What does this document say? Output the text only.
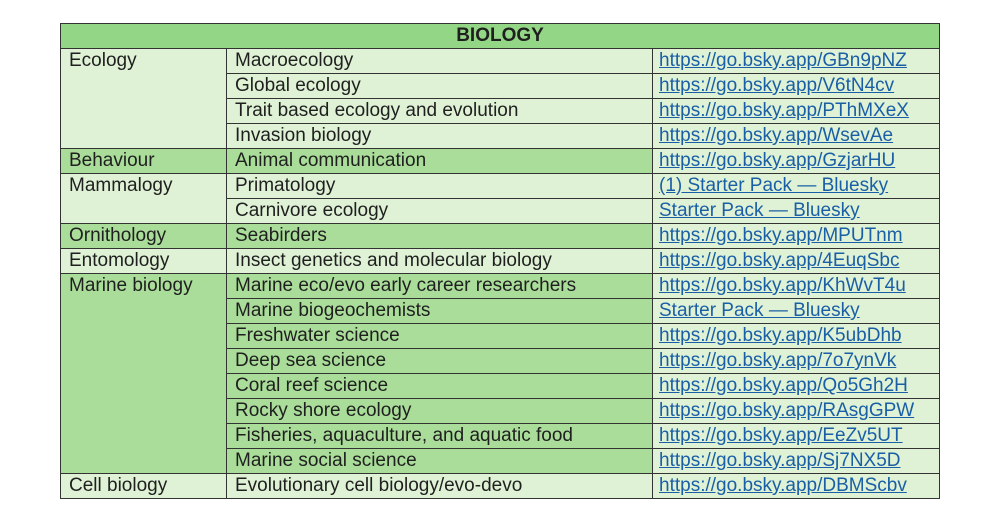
BIOLOGY		
Ecology	Macroecology	https://go.bsky.app/GBn9pNZ
	Global ecology	https://go.bsky.app/V6tN4cv
	Trait based ecology and evolution	https://go.bsky.app/PThMXeX
	Invasion biology	https://go.bsky.app/WsevAe
Behaviour	Animal communication	https://go.bsky.app/GzjarHU
Mammalogy	Primatology	(1) Starter Pack — Bluesky
	Carnivore ecology	Starter Pack — Bluesky
Ornithology	Seabirders	https://go.bsky.app/MPUTnm
Entomology	Insect genetics and molecular biology	https://go.bsky.app/4EuqSbc
Marine biology	Marine eco/evo early career researchers	https://go.bsky.app/KhWvT4u
	Marine biogeochemists	Starter Pack — Bluesky
	Freshwater science	https://go.bsky.app/K5ubDhb
	Deep sea science	https://go.bsky.app/7o7ynVk
	Coral reef science	https://go.bsky.app/Qo5Gh2H
	Rocky shore ecology	https://go.bsky.app/RAsgGPW
	Fisheries, aquaculture, and aquatic food	https://go.bsky.app/EeZv5UT
	Marine social science	https://go.bsky.app/Sj7NX5D
Cell biology	Evolutionary cell biology/evo-devo	https://go.bsky.app/DBMScbv
